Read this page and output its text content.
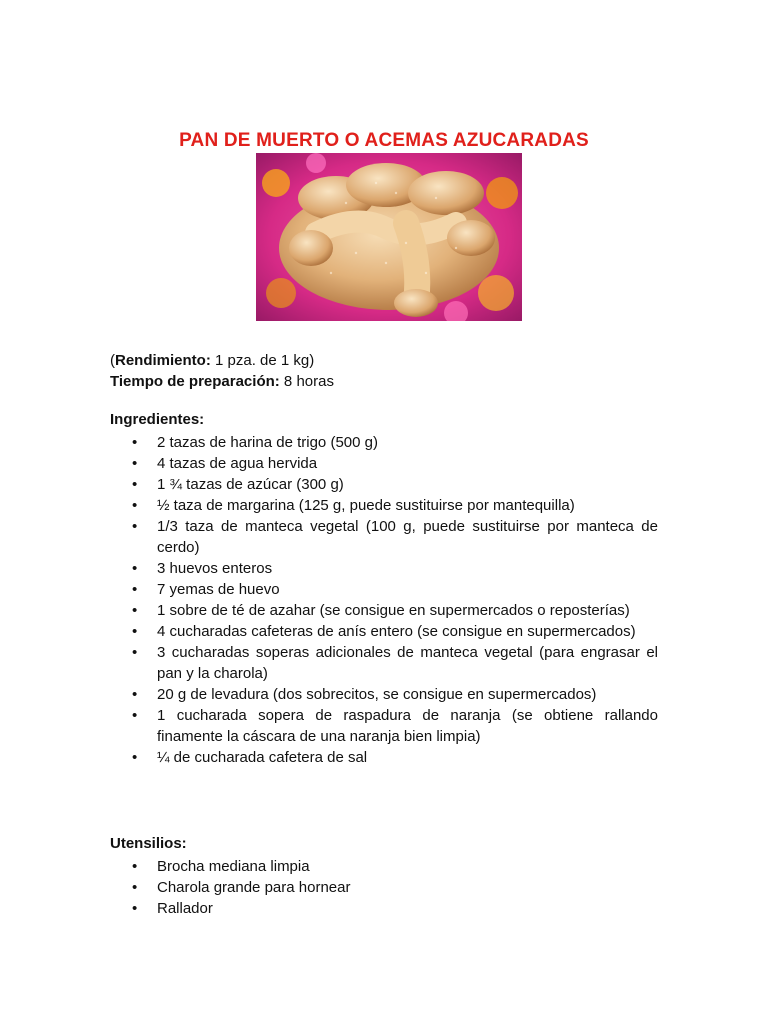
PAN DE MUERTO O ACEMAS AZUCARADAS
(Rendimiento: 1 pza. de 1 kg)
Tiempo de preparación: 8 horas
Ingredientes:
• 2 tazas de harina de trigo (500 g)
• 4 tazas de agua hervida
• 1 ¾ tazas de azúcar (300 g)
• ½ taza de margarina (125 g, puede sustituirse por mantequilla)
• 1/3 taza de manteca vegetal (100 g, puede sustituirse por manteca de cerdo)
• 3 huevos enteros
• 7 yemas de huevo
• 1 sobre de té de azahar (se consigue en supermercados o reposterías)
• 4 cucharadas cafeteras de anís entero (se consigue en supermercados)
• 3 cucharadas soperas adicionales de manteca vegetal (para engrasar el pan y la charola)
• 20 g de levadura (dos sobrecitos, se consigue en supermercados)
• 1 cucharada sopera de raspadura de naranja (se obtiene rallando finamente la cáscara de una naranja bien limpia)
• ¼ de cucharada cafetera de sal
Utensilios:
• Brocha mediana limpia
• Charola grande para hornear
• Rallador
